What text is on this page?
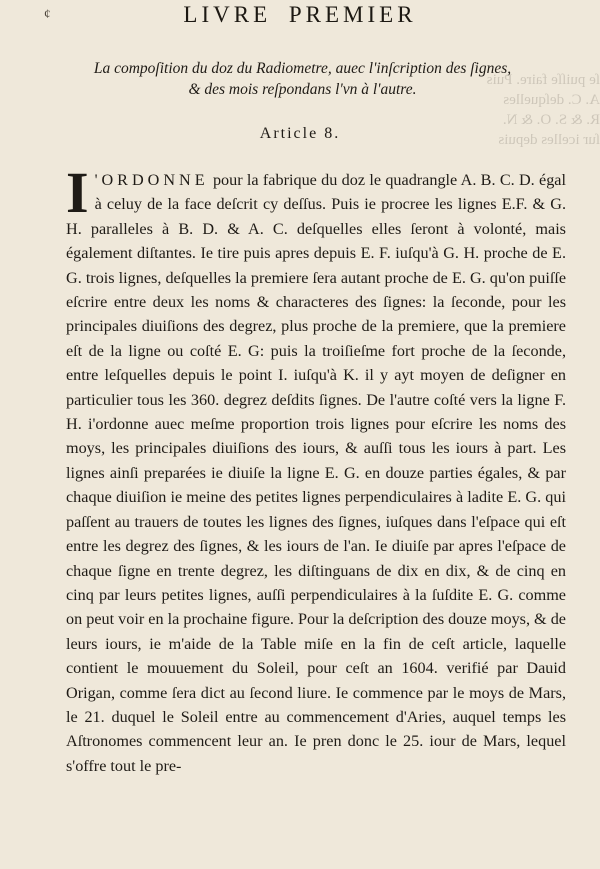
ſe puiſſe faire. Puis
A. C. deſquelles
R. & S. O. & N.
ſur icelles depuis
¢	LIVRE PREMIER
La compoſition du doz du Radiometre, auec l'inſcription des ſignes,
& des mois reſpondans l'vn à l'autre.
Article 8.
I 'ORDONNE pour la fabrique du doz le quadrangle A. B. C. D. égal à celuy de la face deſcrit cy deſſus. Puis ie procree les lignes E.F. & G. H. paralleles à B. D. & A. C. deſquelles elles ſeront à volonté, mais également diſtantes. Ie tire puis apres depuis E. F. iuſqu'à G. H. proche de E. G. trois lignes, deſquelles la premiere ſera autant proche de E. G. qu'on puiſſe eſcrire entre deux les noms & characteres des ſignes: la ſeconde, pour les principales diuiſions des degrez, plus proche de la premiere, que la premiere eſt de la ligne ou coſté E. G: puis la troiſieſme fort proche de la ſeconde, entre leſquelles depuis le point I. iuſqu'à K. il y ayt moyen de deſigner en particulier tous les 360. degrez deſdits ſignes. De l'autre coſté vers la ligne F. H. i'ordonne auec meſme proportion trois lignes pour eſcrire les noms des moys, les principales diuiſions des iours, & auſſi tous les iours à part. Les lignes ainſi preparées ie diuiſe la ligne E. G. en douze parties égales, & par chaque diuiſion ie meine des petites lignes perpendiculaires à ladite E. G. qui paſſent au trauers de toutes les lignes des ſignes, iuſques dans l'eſpace qui eſt entre les degrez des ſignes, & les iours de l'an. Ie diuiſe par apres l'eſpace de chaque ſigne en trente degrez, les diſtinguans de dix en dix, & de cinq en cinq par leurs petites lignes, auſſi perpendiculaires à la ſuſdite E. G. comme on peut voir en la prochaine figure. Pour la deſcription des douze moys, & de leurs iours, ie m'aide de la Table miſe en la fin de ceſt article, laquelle contient le mouuement du Soleil, pour ceſt an 1604. verifié par Dauid Origan, comme ſera dict au ſecond liure. Ie commence par le moys de Mars, le 21. duquel le Soleil entre au commencement d'Aries, auquel temps les Aſtronomes commencent leur an. Ie pren donc le 25. iour de Mars, lequel s'offre tout le pre-
